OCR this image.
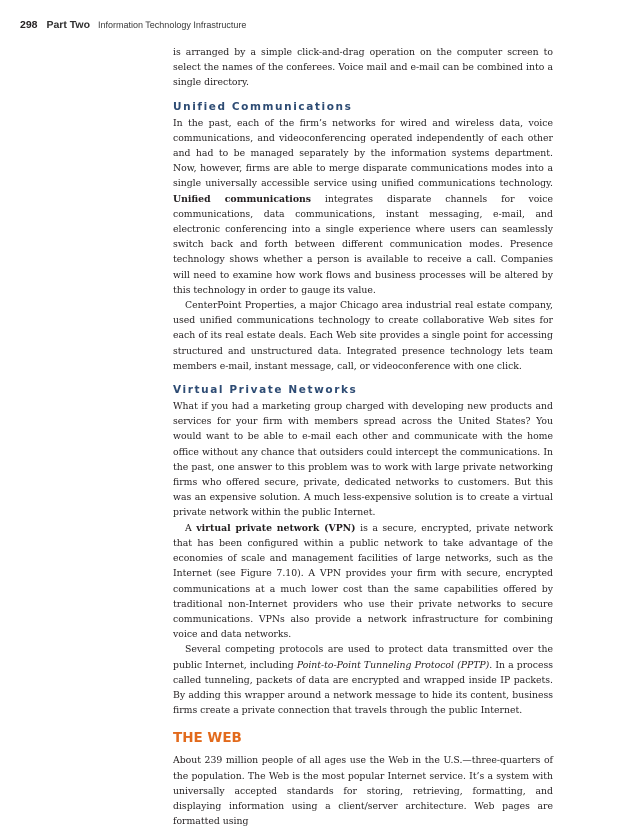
298 Part Two Information Technology Infrastructure

is arranged by a simple click-and-drag operation on the computer screen to select the names of the conferees. Voice mail and e-mail can be combined into a single directory.

Unified Communications

In the past, each of the firm’s networks for wired and wireless data, voice communications, and videoconferencing operated independently of each other and had to be managed separately by the information systems department. Now, however, firms are able to merge disparate communications modes into a single universally accessible service using unified communications technology. Unified communications integrates disparate channels for voice communications, data communications, instant messaging, e-mail, and electronic conferencing into a single experience where users can seamlessly switch back and forth between different communication modes. Presence technology shows whether a person is available to receive a call. Companies will need to examine how work flows and business processes will be altered by this technology in order to gauge its value.

CenterPoint Properties, a major Chicago area industrial real estate company, used unified communications technology to create collaborative Web sites for each of its real estate deals. Each Web site provides a single point for accessing structured and unstructured data. Integrated presence technology lets team members e-mail, instant message, call, or videoconference with one click.

Virtual Private Networks

What if you had a marketing group charged with developing new products and services for your firm with members spread across the United States? You would want to be able to e-mail each other and communicate with the home office without any chance that outsiders could intercept the communications. In the past, one answer to this problem was to work with large private networking firms who offered secure, private, dedicated networks to customers. But this was an expensive solution. A much less-expensive solution is to create a virtual private network within the public Internet.

A virtual private network (VPN) is a secure, encrypted, private network that has been configured within a public network to take advantage of the economies of scale and management facilities of large networks, such as the Internet (see Figure 7.10). A VPN provides your firm with secure, encrypted communications at a much lower cost than the same capabilities offered by traditional non-Internet providers who use their private networks to secure communications. VPNs also provide a network infrastructure for combining voice and data networks.

Several competing protocols are used to protect data transmitted over the public Internet, including Point-to-Point Tunneling Protocol (PPTP). In a process called tunneling, packets of data are encrypted and wrapped inside IP packets. By adding this wrapper around a network message to hide its content, business firms create a private connection that travels through the public Internet.

THE WEB

About 239 million people of all ages use the Web in the U.S.—three-quarters of the population. The Web is the most popular Internet service. It’s a system with universally accepted standards for storing, retrieving, formatting, and displaying information using a client/server architecture. Web pages are formatted using
